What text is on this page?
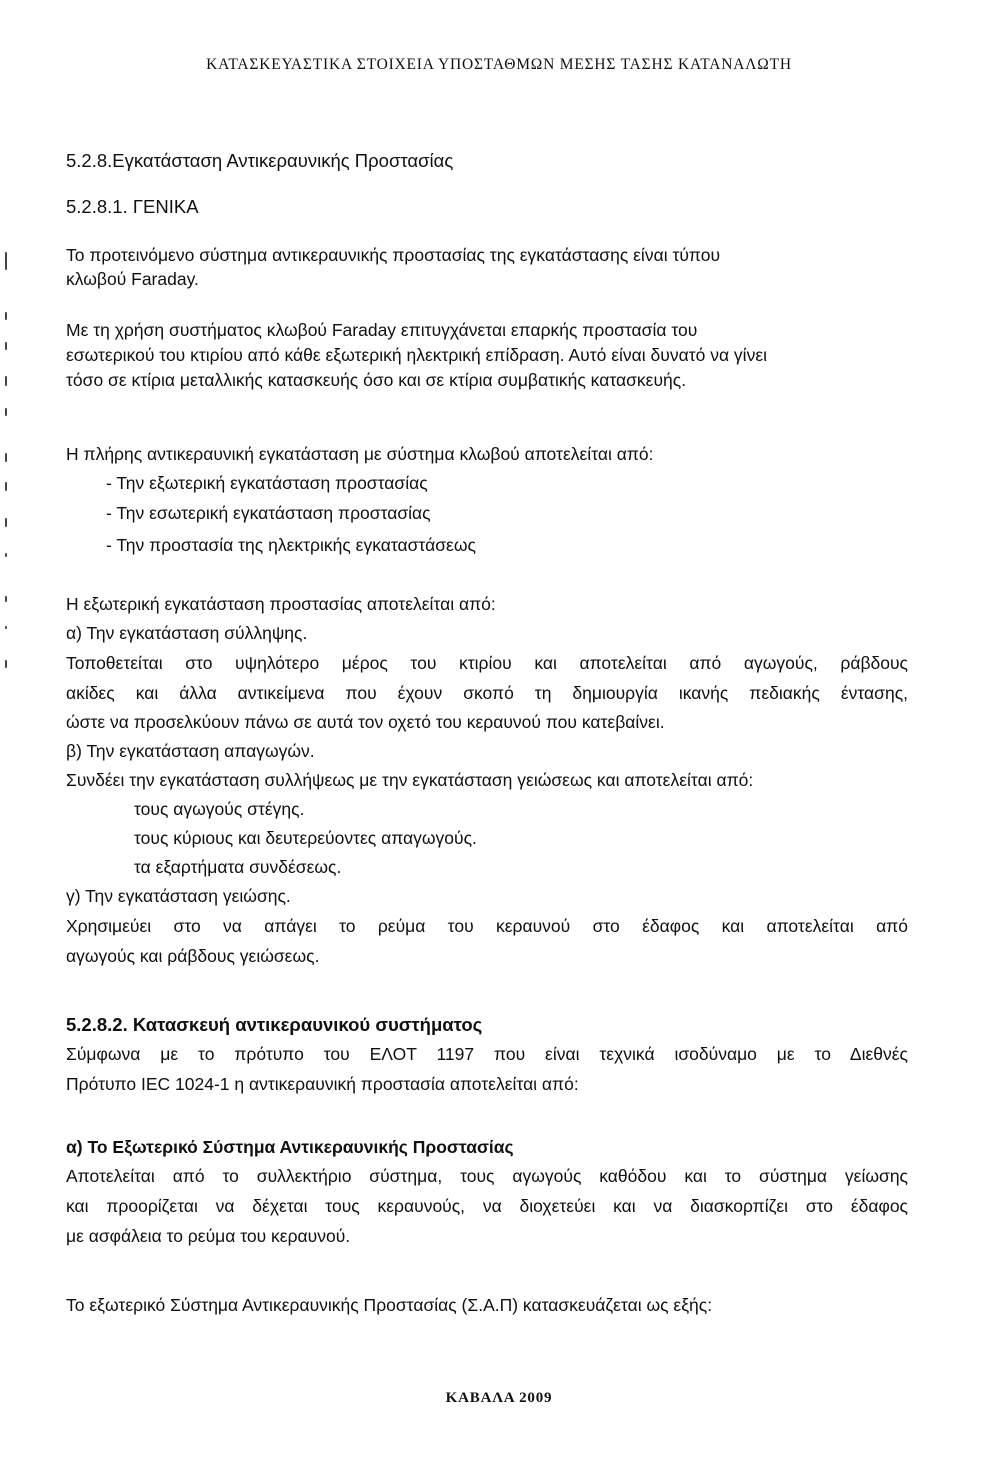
ΚΑΤΑΣΚΕΥΑΣΤΙΚΑ ΣΤΟΙΧΕΙΑ ΥΠΟΣΤΑΘΜΩΝ ΜΕΣΗΣ ΤΑΣΗΣ ΚΑΤΑΝΑΛΩΤΗ
5.2.8.Εγκατάσταση Αντικεραυνικής Προστασίας
5.2.8.1. ΓΕΝΙΚΑ
Το προτεινόμενο σύστημα αντικεραυνικής προστασίας της εγκατάστασης είναι τύπου
κλωβού Faraday.
Με τη χρήση συστήματος κλωβού Faraday επιτυγχάνεται επαρκής προστασία του
εσωτερικού του κτιρίου από κάθε εξωτερική ηλεκτρική επίδραση. Αυτό είναι δυνατό να γίνει
τόσο σε κτίρια μεταλλικής κατασκευής όσο και σε κτίρια συμβατικής κατασκευής.
Η πλήρης αντικεραυνική εγκατάσταση με σύστημα κλωβού αποτελείται από:
- Την εξωτερική εγκατάσταση προστασίας
- Την εσωτερική εγκατάσταση προστασίας
- Την προστασία της ηλεκτρικής εγκαταστάσεως
Η εξωτερική εγκατάσταση προστασίας αποτελείται από:
α) Την εγκατάσταση σύλληψης.
Τοποθετείται στο υψηλότερο μέρος του κτιρίου και αποτελείται από αγωγούς, ράβδους
ακίδες και άλλα αντικείμενα που έχουν σκοπό τη δημιουργία ικανής πεδιακής έντασης,
ώστε να προσελκύουν πάνω σε αυτά τον οχετό του κεραυνού που κατεβαίνει.
β) Την εγκατάσταση απαγωγών.
Συνδέει την εγκατάσταση συλλήψεως με την εγκατάσταση γειώσεως και αποτελείται από:
τους αγωγούς στέγης.
τους κύριους και δευτερεύοντες απαγωγούς.
τα εξαρτήματα συνδέσεως.
γ) Την εγκατάσταση γειώσης.
Χρησιμεύει στο να απάγει το ρεύμα του κεραυνού στο έδαφος και αποτελείται από
αγωγούς και ράβδους γειώσεως.
5.2.8.2. Κατασκευή αντικεραυνικού συστήματος
Σύμφωνα με το πρότυπο του ΕΛΟΤ 1197 που είναι τεχνικά ισοδύναμο με το Διεθνές
Πρότυπο IEC 1024-1 η αντικεραυνική προστασία αποτελείται από:
α) Το Εξωτερικό Σύστημα Αντικεραυνικής Προστασίας
Αποτελείται από το συλλεκτήριο σύστημα, τους αγωγούς καθόδου και το σύστημα γείωσης
και προορίζεται να δέχεται τους κεραυνούς, να διοχετεύει και να διασκορπίζει στο έδαφος
με ασφάλεια το ρεύμα του κεραυνού.
Το εξωτερικό Σύστημα Αντικεραυνικής Προστασίας (Σ.Α.Π) κατασκευάζεται ως εξής:
ΚΑΒΑΛΑ 2009
